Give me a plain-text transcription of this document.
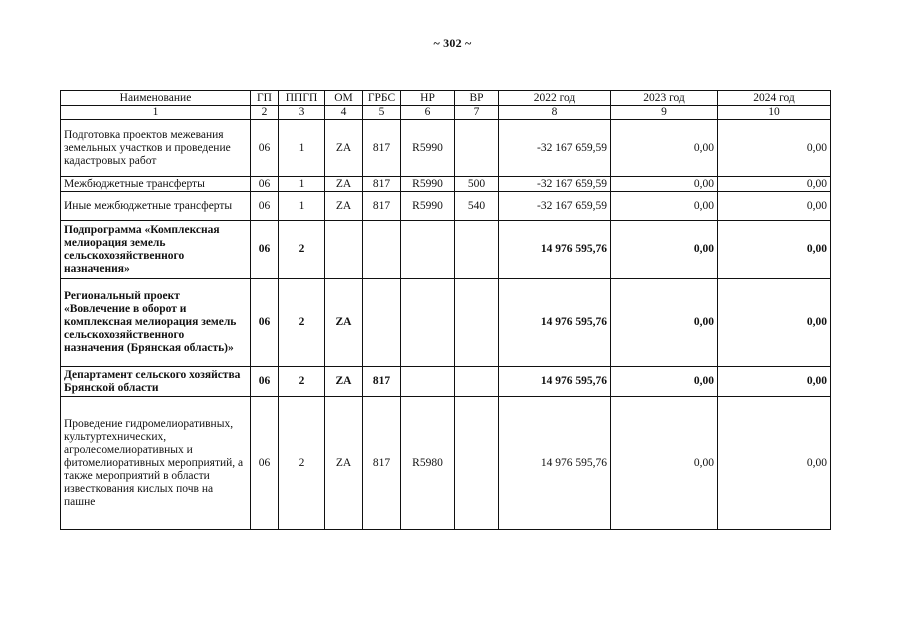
~ 302 ~
Наименование	ГП	ППГП	ОМ	ГРБС	НР	ВР	2022 год	2023 год	2024 год
1	2	3	4	5	6	7	8	9	10
Подготовка проектов межевания земельных участков и проведение кадастровых работ	06	1	ZA	817	R5990		-32 167 659,59	0,00	0,00
Межбюджетные трансферты	06	1	ZA	817	R5990	500	-32 167 659,59	0,00	0,00
Иные межбюджетные трансферты	06	1	ZA	817	R5990	540	-32 167 659,59	0,00	0,00
Подпрограмма «Комплексная мелиорация земель сельскохозяйственного назначения»	06	2					14 976 595,76	0,00	0,00
Региональный проект «Вовлечение в оборот и комплексная мелиорация земель сельскохозяйственного назначения (Брянская область)»	06	2	ZA				14 976 595,76	0,00	0,00
Департамент сельского хозяйства Брянской области	06	2	ZA	817			14 976 595,76	0,00	0,00
Проведение гидромелиоративных, культуртехнических, агролесомелиоративных и фитомелиоративных мероприятий, а также мероприятий в области известкования кислых почв на пашне	06	2	ZA	817	R5980		14 976 595,76	0,00	0,00
